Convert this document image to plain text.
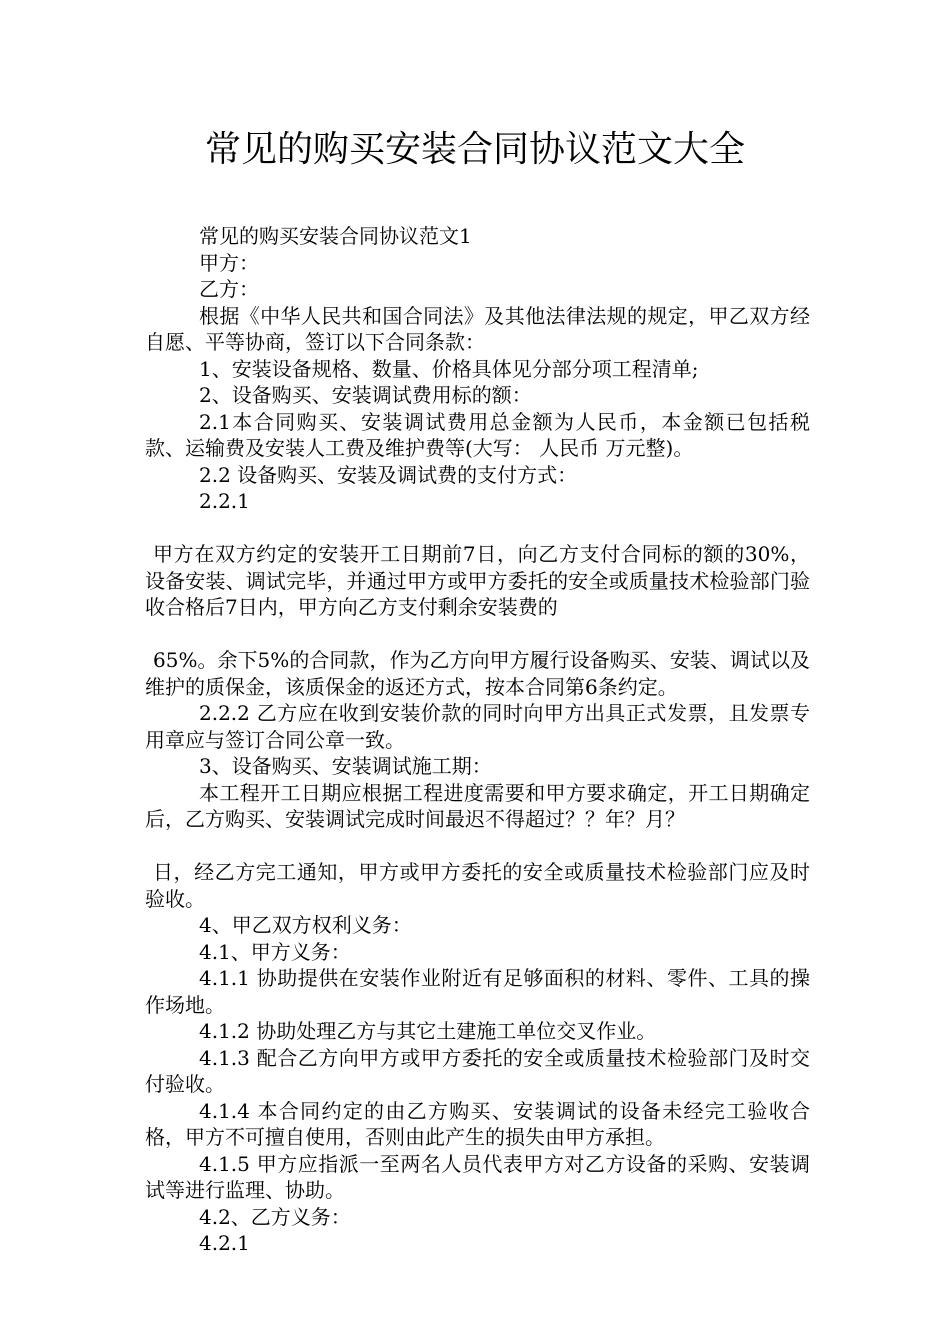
常见的购买安装合同协议范文大全

常见的购买安装合同协议范文1

甲方：

乙方：

根据《中华人民共和国合同法》及其他法律法规的规定，甲乙双方经自愿、平等协商，签订以下合同条款：

1、安装设备规格、数量、价格具体见分部分项工程清单;

2、设备购买、安装调试费用标的额：

2.1本合同购买、安装调试费用总金额为人民币，本金额已包括税款、运输费及安装人工费及维护费等(大写： 人民币 万元整)。

2.2 设备购买、安装及调试费的支付方式：

2.2.1

甲方在双方约定的安装开工日期前7日，向乙方支付合同标的额的30%，设备安装、调试完毕，并通过甲方或甲方委托的安全或质量技术检验部门验收合格后7日内，甲方向乙方支付剩余安装费的

65%。余下5%的合同款，作为乙方向甲方履行设备购买、安装、调试以及维护的质保金，该质保金的返还方式，按本合同第6条约定。

2.2.2 乙方应在收到安装价款的同时向甲方出具正式发票，且发票专用章应与签订合同公章一致。

3、设备购买、安装调试施工期：

本工程开工日期应根据工程进度需要和甲方要求确定，开工日期确定后，乙方购买、安装调试完成时间最迟不得超过？？年？月？

日，经乙方完工通知，甲方或甲方委托的安全或质量技术检验部门应及时验收。

4、甲乙双方权利义务：

4.1、甲方义务：

4.1.1 协助提供在安装作业附近有足够面积的材料、零件、工具的操作场地。

4.1.2 协助处理乙方与其它土建施工单位交叉作业。

4.1.3 配合乙方向甲方或甲方委托的安全或质量技术检验部门及时交付验收。

4.1.4 本合同约定的由乙方购买、安装调试的设备未经完工验收合格，甲方不可擅自使用，否则由此产生的损失由甲方承担。

4.1.5 甲方应指派一至两名人员代表甲方对乙方设备的采购、安装调试等进行监理、协助。

4.2、乙方义务：

4.2.1
